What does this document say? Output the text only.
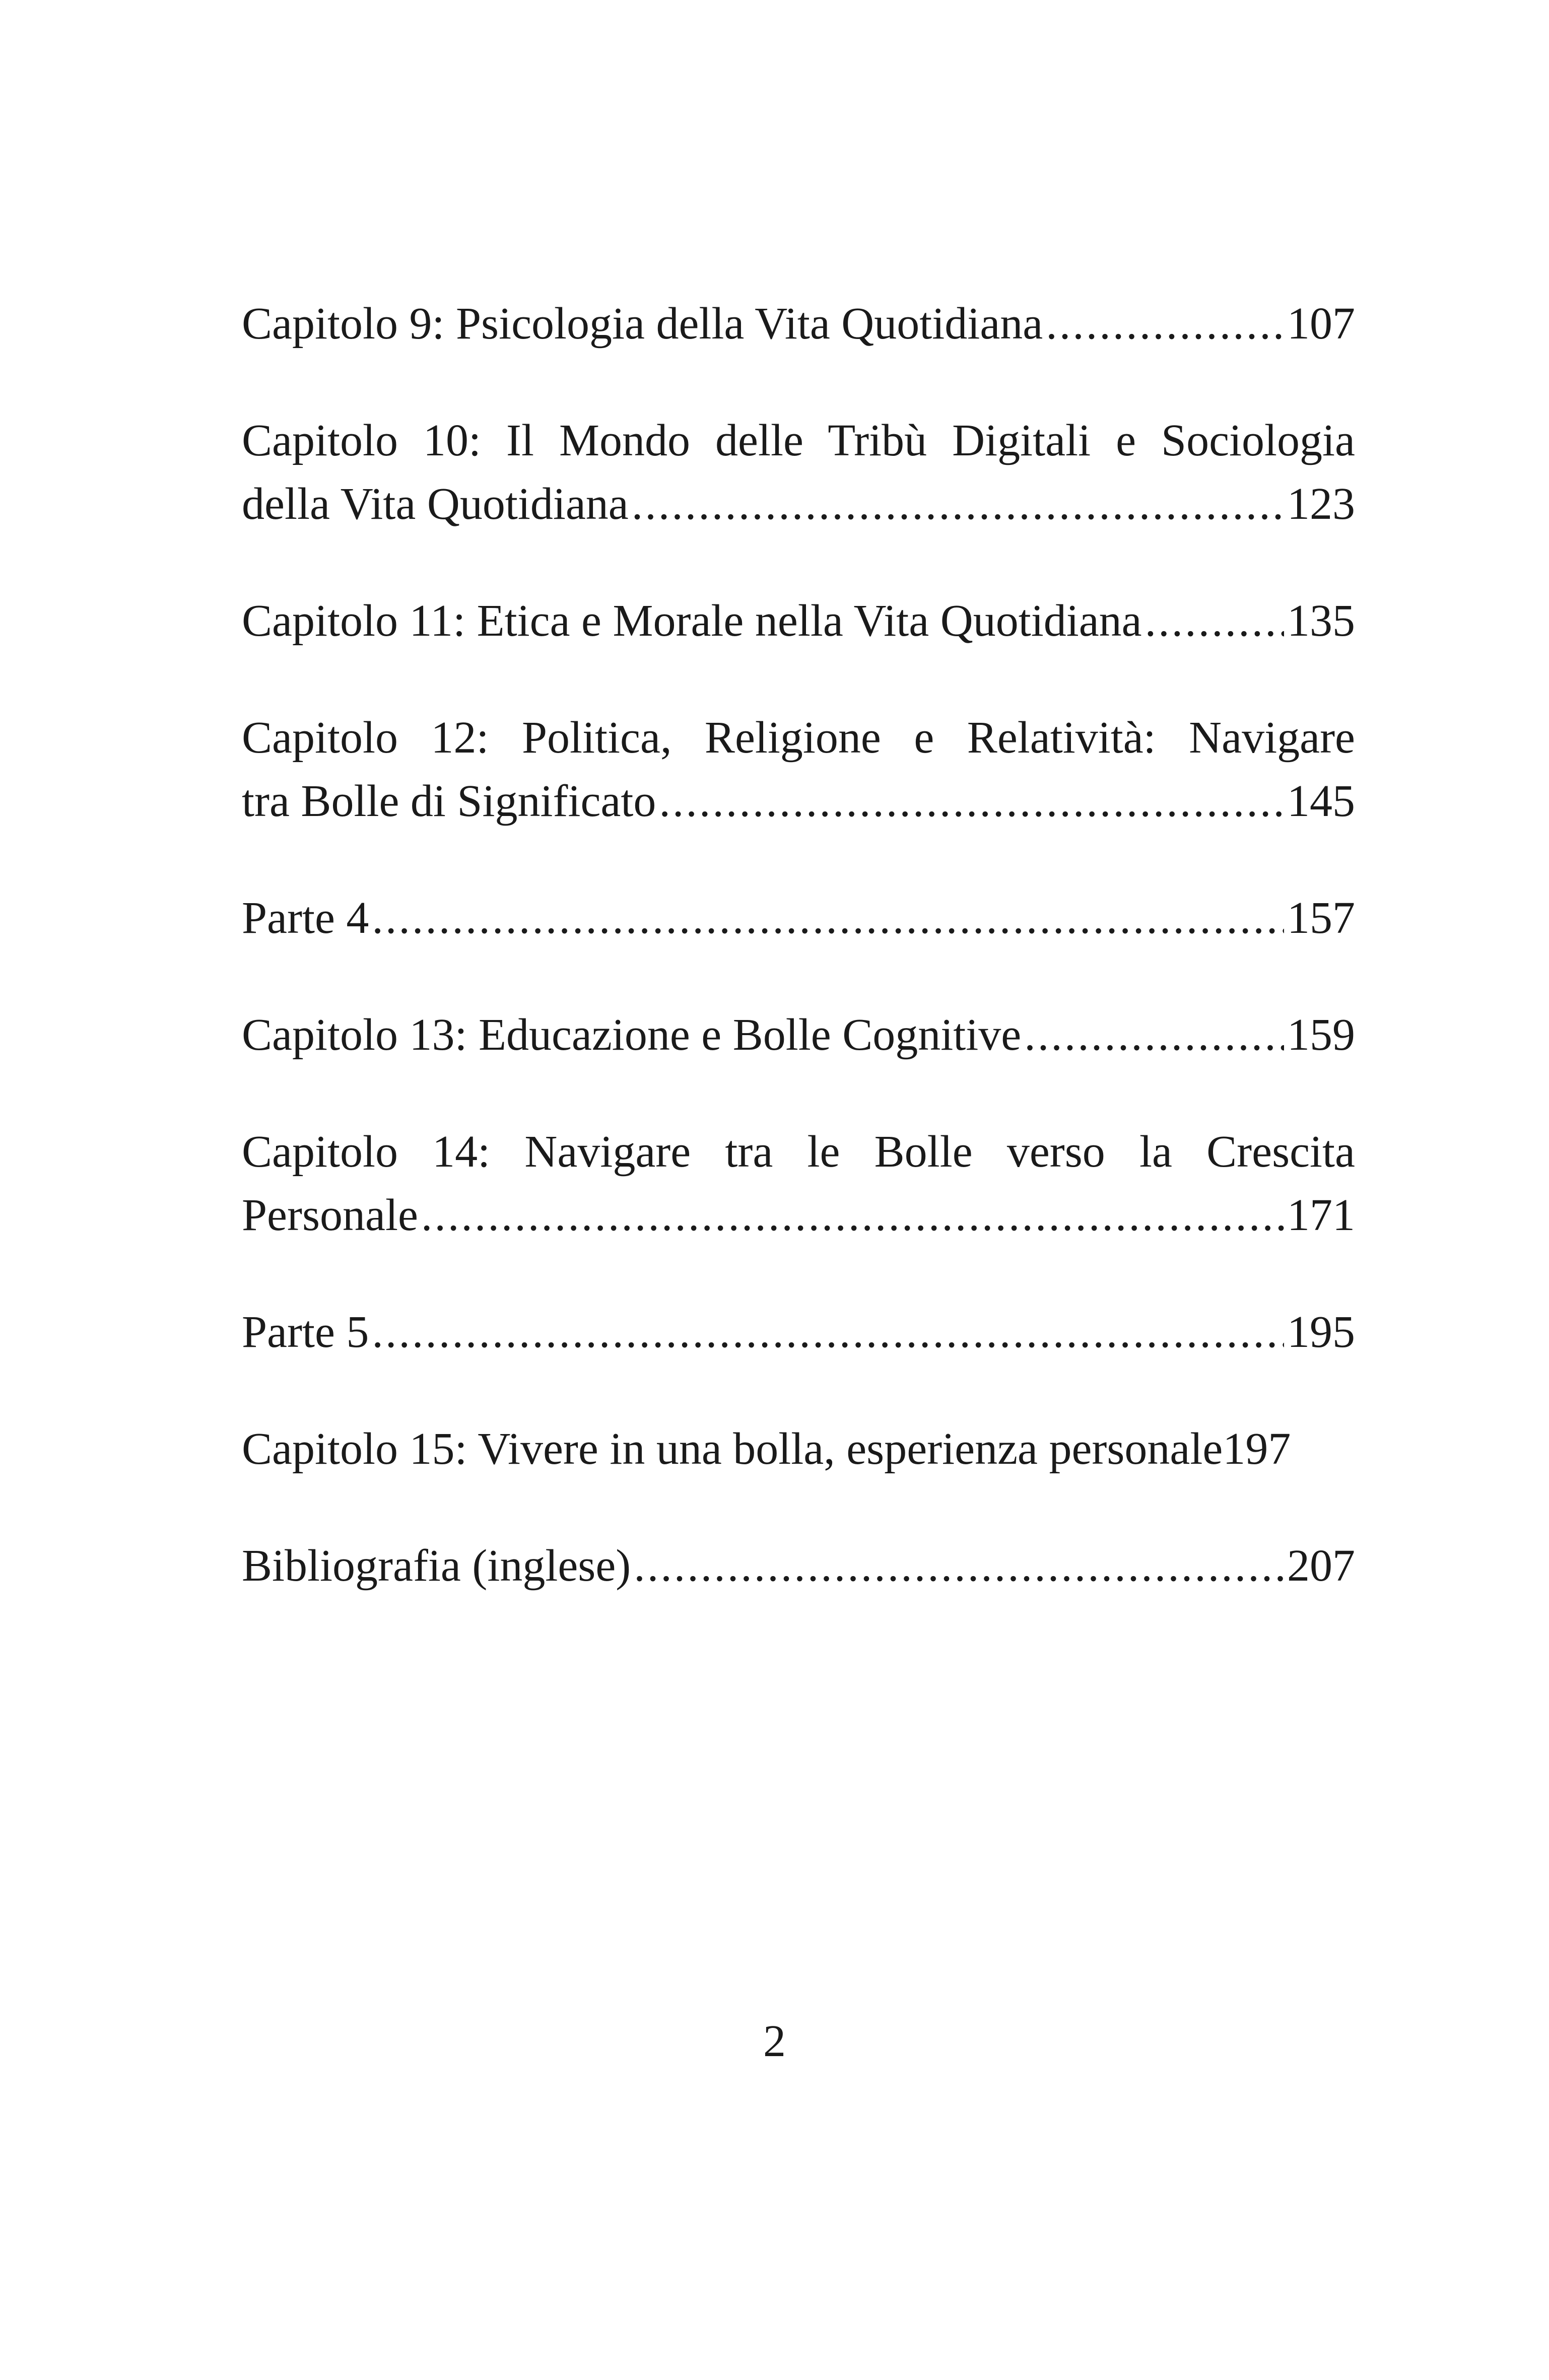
Capitolo 9: Psicologia della Vita Quotidiana .....	107
Capitolo 10: Il Mondo delle Tribù Digitali e Sociologia
della Vita Quotidiana .....	123
Capitolo 11: Etica e Morale nella Vita Quotidiana .....	135
Capitolo 12: Politica, Religione e Relatività: Navigare
tra Bolle di Significato .....	145
Parte 4 .....	157
Capitolo 13: Educazione e Bolle Cognitive .....	159
Capitolo 14: Navigare tra le Bolle verso la Crescita
Personale .....	171
Parte 5 .....	195
Capitolo 15: Vivere in una bolla, esperienza personale 197
Bibliografia (inglese) .....	207
2
